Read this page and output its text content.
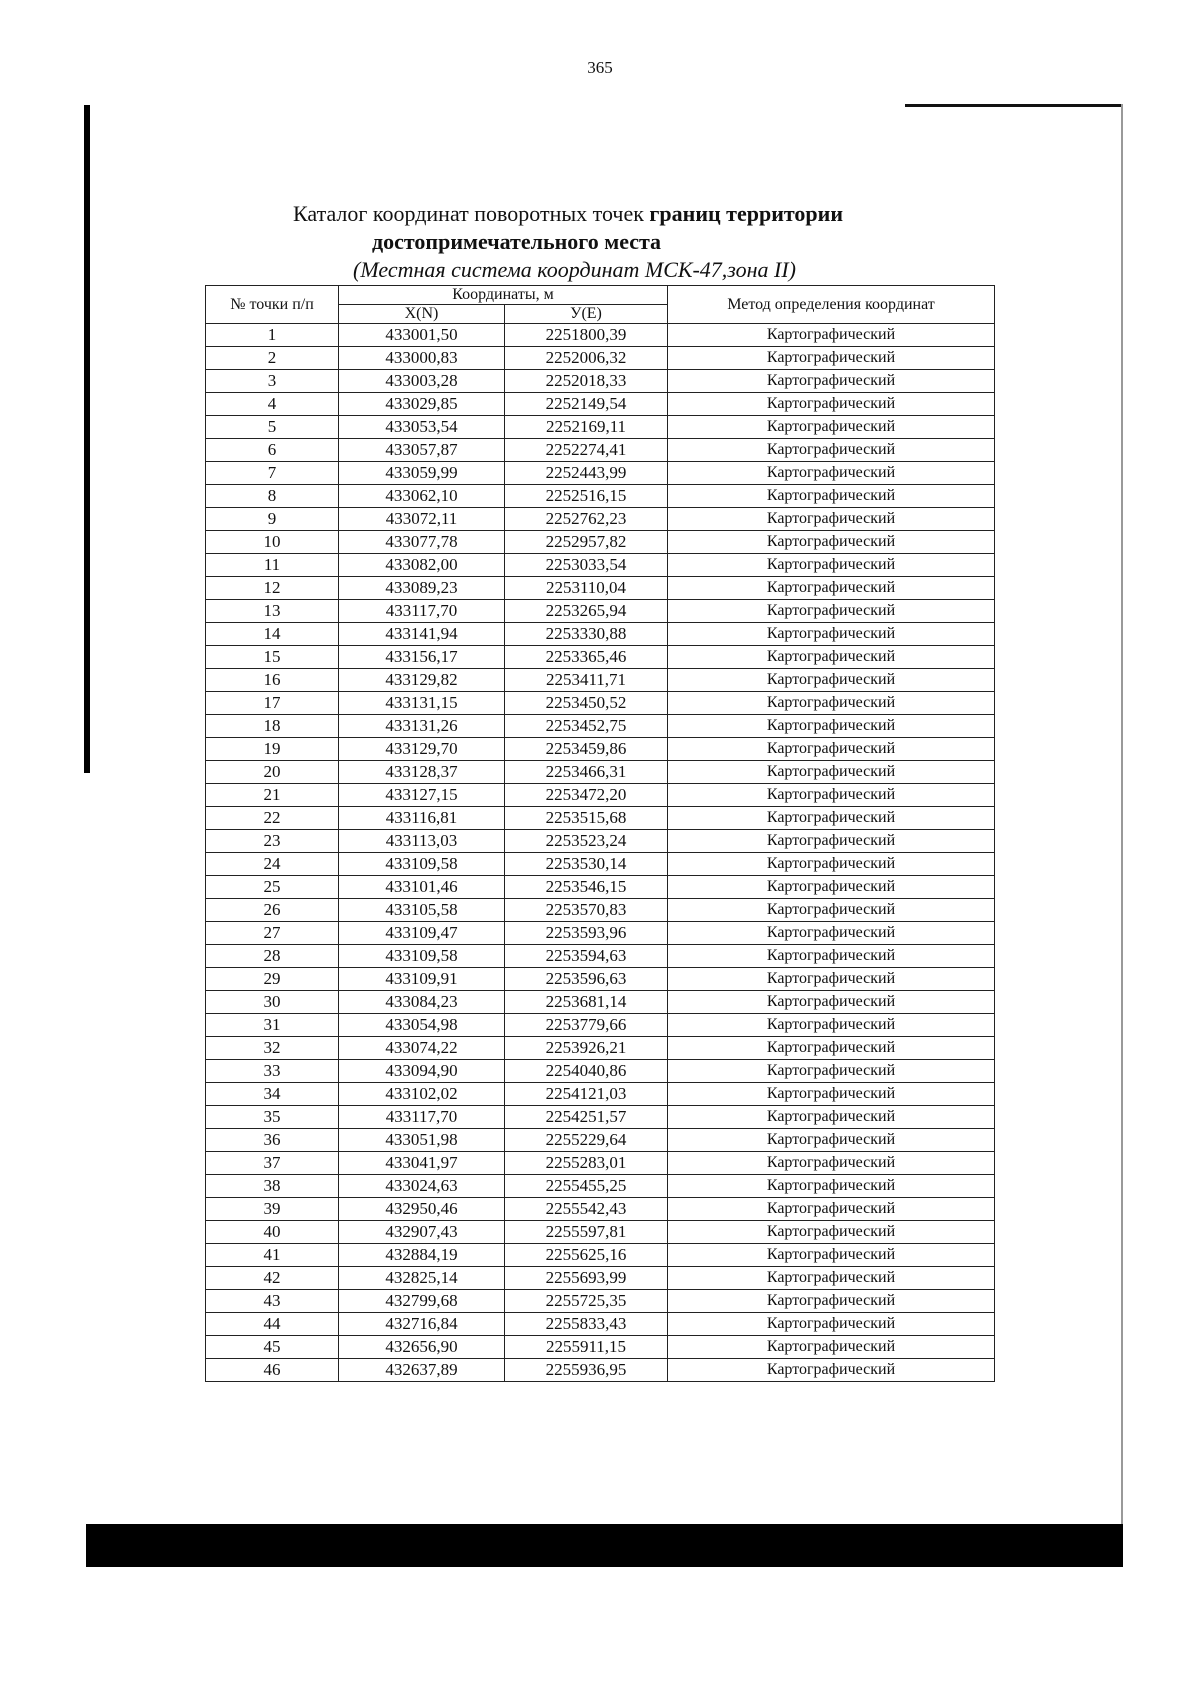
365
Каталог координат поворотных точек границ территории
достопримечательного места
(Местная система координат МСК-47,зона II)
№ точки п/п	Координаты, м		Метод определения координат
	X(N)	У(Е)	
1	433001,50	2251800,39	Картографический
2	433000,83	2252006,32	Картографический
3	433003,28	2252018,33	Картографический
4	433029,85	2252149,54	Картографический
5	433053,54	2252169,11	Картографический
6	433057,87	2252274,41	Картографический
7	433059,99	2252443,99	Картографический
8	433062,10	2252516,15	Картографический
9	433072,11	2252762,23	Картографический
10	433077,78	2252957,82	Картографический
11	433082,00	2253033,54	Картографический
12	433089,23	2253110,04	Картографический
13	433117,70	2253265,94	Картографический
14	433141,94	2253330,88	Картографический
15	433156,17	2253365,46	Картографический
16	433129,82	2253411,71	Картографический
17	433131,15	2253450,52	Картографический
18	433131,26	2253452,75	Картографический
19	433129,70	2253459,86	Картографический
20	433128,37	2253466,31	Картографический
21	433127,15	2253472,20	Картографический
22	433116,81	2253515,68	Картографический
23	433113,03	2253523,24	Картографический
24	433109,58	2253530,14	Картографический
25	433101,46	2253546,15	Картографический
26	433105,58	2253570,83	Картографический
27	433109,47	2253593,96	Картографический
28	433109,58	2253594,63	Картографический
29	433109,91	2253596,63	Картографический
30	433084,23	2253681,14	Картографический
31	433054,98	2253779,66	Картографический
32	433074,22	2253926,21	Картографический
33	433094,90	2254040,86	Картографический
34	433102,02	2254121,03	Картографический
35	433117,70	2254251,57	Картографический
36	433051,98	2255229,64	Картографический
37	433041,97	2255283,01	Картографический
38	433024,63	2255455,25	Картографический
39	432950,46	2255542,43	Картографический
40	432907,43	2255597,81	Картографический
41	432884,19	2255625,16	Картографический
42	432825,14	2255693,99	Картографический
43	432799,68	2255725,35	Картографический
44	432716,84	2255833,43	Картографический
45	432656,90	2255911,15	Картографический
46	432637,89	2255936,95	Картографический
